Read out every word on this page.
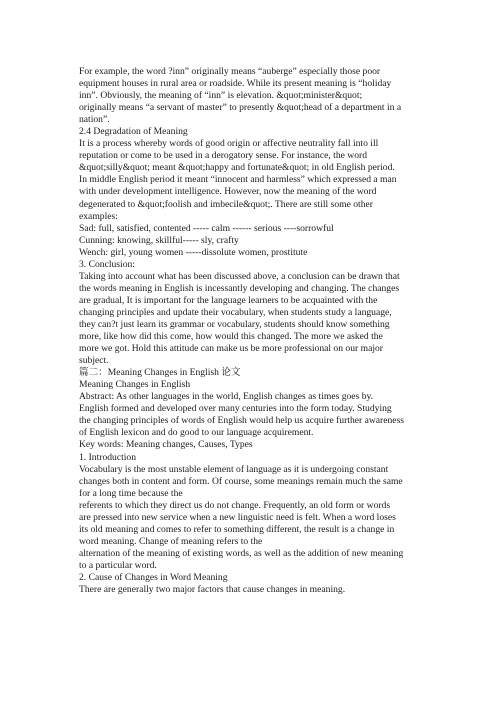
For example, the word ?inn” originally means “auberge” especially those poor
equipment houses in rural area or roadside. While its present meaning is “holiday
inn”. Obviously, the meaning of “inn” is elevation. &quot;minister&quot;
originally means “a servant of master” to presently &quot;head of a department in a
nation”.
2.4 Degradation of Meaning
It is a process whereby words of good origin or affective neutrality fall into ill
reputation or come to be used in a derogatory sense. For instance, the word
&quot;silly&quot; meant &quot;happy and fortunate&quot; in old English period.
In middle English period it meant “innocent and harmless” which expressed a man
with under development intelligence. However, now the meaning of the word
degenerated to &quot;foolish and imbecile&quot;. There are still some other
examples:
Sad: full, satisfied, contented ----- calm ------ serious ----sorrowful
Cunning: knowing, skillful----- sly, crafty
Wench: girl, young women -----dissolute women, prostitute
3. Conclusion:
Taking into account what has been discussed above, a conclusion can be drawn that
the words meaning in English is incessantly developing and changing. The changes
are gradual, It is important for the language learners to be acquainted with the
changing principles and update their vocabulary, when students study a language,
they can?t just learn its grammar or vocabulary, students should know something
more, like how did this come, how would this changed. The more we asked the
more we got. Hold this attitude can make us be more professional on our major
subject.
篇二：Meaning Changes in English 论文
Meaning Changes in English
Abstract: As other languages in the world, English changes as times goes by.
English formed and developed over many centuries into the form today. Studying
the changing principles of words of English would help us acquire further awareness
of English lexicon and do good to our language acquirement.
Key words: Meaning changes, Causes, Types
1. Introduction
Vocabulary is the most unstable element of language as it is undergoing constant
changes both in content and form. Of course, some meanings remain much the same
for a long time because the
referents to which they direct us do not change. Frequently, an old form or words
are pressed into new service when a new linguistic need is felt. When a word loses
its old meaning and comes to refer to something different, the result is a change in
word meaning. Change of meaning refers to the
alternation of the meaning of existing words, as well as the addition of new meaning
to a particular word.
2. Cause of Changes in Word Meaning
There are generally two major factors that cause changes in meaning.
